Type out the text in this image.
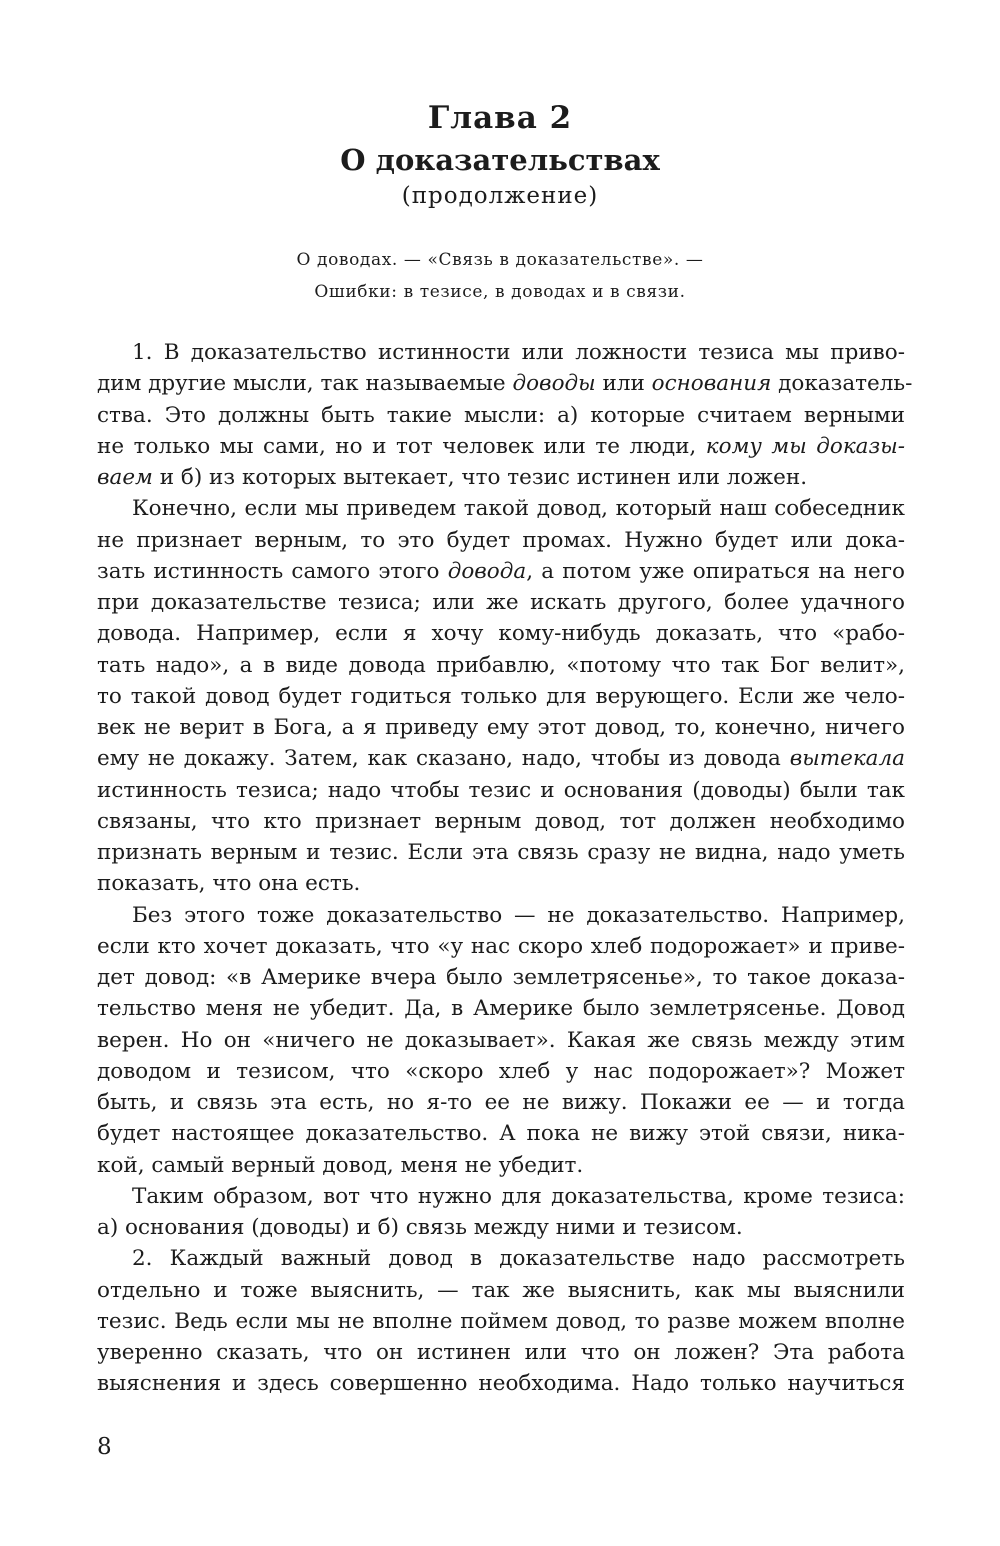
Глава 2
О доказательствах
(продолжение)
О доводах. — «Связь в доказательстве». —
Ошибки: в тезисе, в доводах и в связи.
1. В доказательство истинности или ложности тезиса мы приво-
дим другие мысли, так называемые доводы или основания доказатель-
ства. Это должны быть такие мысли: а) которые считаем верными
не только мы сами, но и тот человек или те люди, кому мы доказы-
ваем и б) из которых вытекает, что тезис истинен или ложен.
Конечно, если мы приведем такой довод, который наш собеседник
не признает верным, то это будет промах. Нужно будет или дока-
зать истинность самого этого довода, а потом уже опираться на него
при доказательстве тезиса; или же искать другого, более удачного
довода. Например, если я хочу кому-нибудь доказать, что «рабо-
тать надо», а в виде довода прибавлю, «потому что так Бог велит»,
то такой довод будет годиться только для верующего. Если же чело-
век не верит в Бога, а я приведу ему этот довод, то, конечно, ничего
ему не докажу. Затем, как сказано, надо, чтобы из довода вытекала
истинность тезиса; надо чтобы тезис и основания (доводы) были так
связаны, что кто признает верным довод, тот должен необходимо
признать верным и тезис. Если эта связь сразу не видна, надо уметь
показать, что она есть.
Без этого тоже доказательство — не доказательство. Например,
если кто хочет доказать, что «у нас скоро хлеб подорожает» и приве-
дет довод: «в Америке вчера было землетрясенье», то такое доказа-
тельство меня не убедит. Да, в Америке было землетрясенье. Довод
верен. Но он «ничего не доказывает». Какая же связь между этим
доводом и тезисом, что «скоро хлеб у нас подорожает»? Может
быть, и связь эта есть, но я-то ее не вижу. Покажи ее — и тогда
будет настоящее доказательство. А пока не вижу этой связи, ника-
кой, самый верный довод, меня не убедит.
Таким образом, вот что нужно для доказательства, кроме тезиса:
а) основания (доводы) и б) связь между ними и тезисом.
2. Каждый важный довод в доказательстве надо рассмотреть
отдельно и тоже выяснить, — так же выяснить, как мы выяснили
тезис. Ведь если мы не вполне поймем довод, то разве можем вполне
уверенно сказать, что он истинен или что он ложен? Эта работа
выяснения и здесь совершенно необходима. Надо только научиться
8
